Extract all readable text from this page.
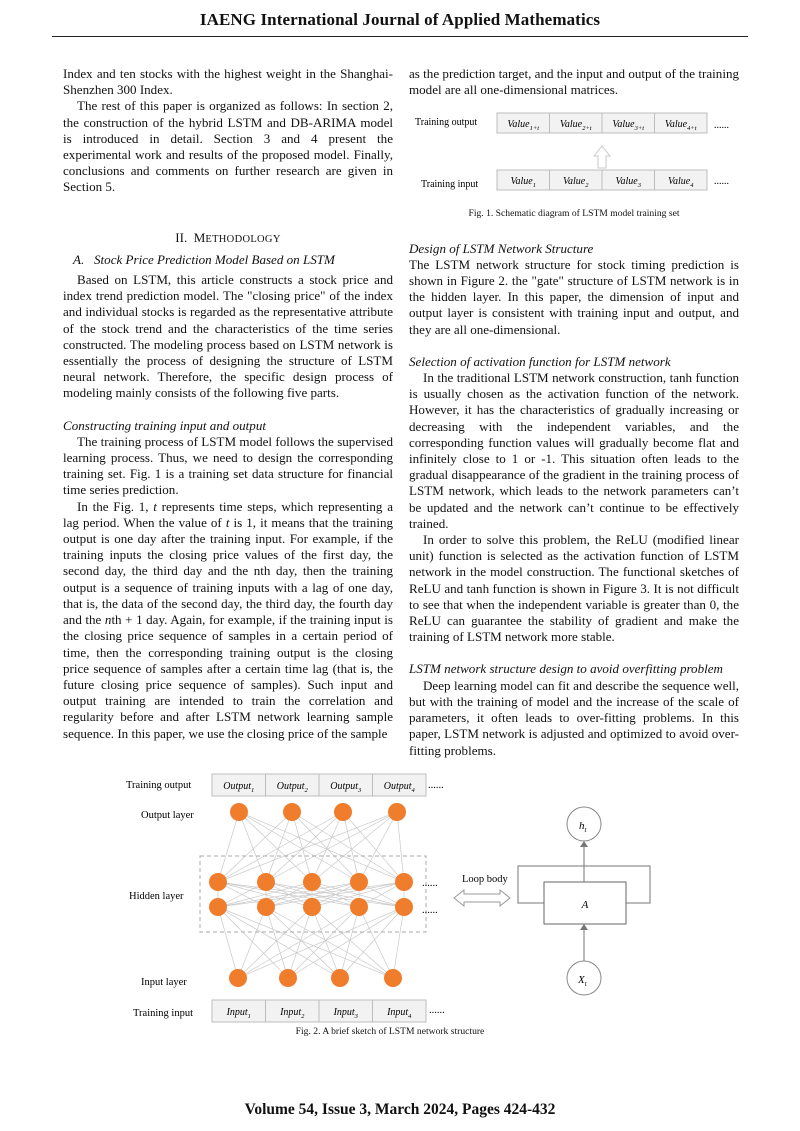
IAENG International Journal of Applied Mathematics

Index and ten stocks with the highest weight in the Shanghai-Shenzhen 300 Index.

The rest of this paper is organized as follows: In section 2, the construction of the hybrid LSTM and DB-ARIMA model is introduced in detail. Section 3 and 4 present the experimental work and results of the proposed model. Finally, conclusions and comments on further research are given in Section 5.

II. METHODOLOGY
A.   Stock Price Prediction Model Based on LSTM

Based on LSTM, this article constructs a stock price and index trend prediction model. The "closing price" of the index and individual stocks is regarded as the representative attribute of the stock trend and the characteristics of the time series constructed. The modeling process based on LSTM network is essentially the process of designing the structure of LSTM neural network. Therefore, the specific design process of modeling mainly consists of the following five parts.

Constructing training input and output

The training process of LSTM model follows the supervised learning process. Thus, we need to design the corresponding training set. Fig. 1 is a training set data structure for financial time series prediction.

In the Fig. 1, t represents time steps, which representing a lag period. When the value of t is 1, it means that the training output is one day after the training input. For example, if the training inputs the closing price values of the first day, the second day, the third day and the nth day, then the training output is a sequence of training inputs with a lag of one day, that is, the data of the second day, the third day, the fourth day and the nth + 1 day. Again, for example, if the training input is the closing price sequence of samples in a certain period of time, then the corresponding training output is the closing price sequence of samples after a certain time lag (that is, the future closing price sequence of samples). Such input and output training are intended to train the correlation and regularity before and after LSTM network learning sample sequence. In this paper, we use the closing price of the sample

as the prediction target, and the input and output of the training model are all one-dimensional matrices.

Training output
Training input
Value$_{1+t}$ Value$_{2+t}$ Value$_{3+t}$ Value$_{4+t}$
Value$_1$	Value$_2$	Value$_3$	Value$_4$
......
......
Fig. 1. Schematic diagram of LSTM model training set
Design of LSTM Network Structure

The LSTM network structure for stock timing prediction is shown in Figure 2. the "gate" structure of LSTM network is in the hidden layer. In this paper, the dimension of input and output layer is consistent with training input and output, and they are all one-dimensional.

Selection of activation function for LSTM network

In the traditional LSTM network construction, tanh function is usually chosen as the activation function of the network. However, it has the characteristics of gradually increasing or decreasing with the independent variables, and the corresponding function values will gradually become flat and infinitely close to 1 or -1. This situation often leads to the gradual disappearance of the gradient in the training process of LSTM network, which leads to the network parameters can’t be updated and the network can’t continue to be effectively trained.

In order to solve this problem, the ReLU (modified linear unit) function is selected as the activation function of LSTM network in the model construction. The functional sketches of ReLU and tanh function is shown in Figure 3. It is not difficult to see that when the independent variable is greater than 0, the ReLU can guarantee the stability of gradient and make the training of LSTM network more stable.

LSTM network structure design to avoid overfitting problem

Deep learning model can fit and describe the sequence well, but with the training of model and the increase of the scale of parameters, it often leads to over-fitting problems. In this paper, LSTM network is adjusted and optimized to avoid over-fitting problems.

Training output
Output layer
Hidden layer
Input layer
Training input
Output$_1$ Output$_2$ Output$_3$ Output$_4$
Input$_1$	Input$_2$	Input$_3$	Input$_4$
......
......
......
......
Loop body
A
$h_t$
$X_t$
Fig. 2. A brief sketch of LSTM network structure
Volume 54, Issue 3, March 2024, Pages 424-432
